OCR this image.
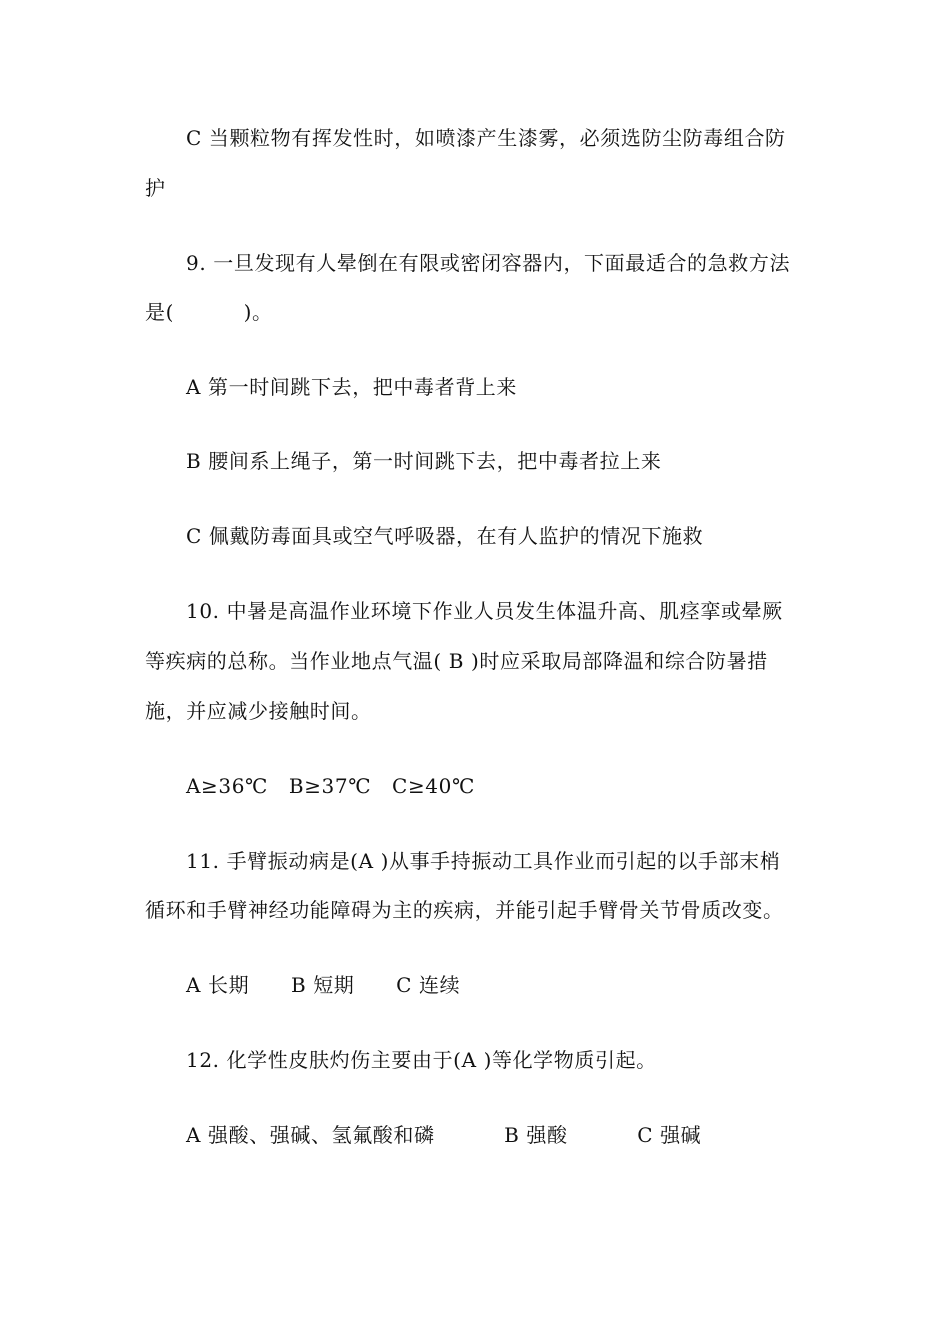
C 当颗粒物有挥发性时，如喷漆产生漆雾，必须选防尘防毒组合防
护
9. 一旦发现有人晕倒在有限或密闭容器内，下面最适合的急救方法
是(          )。
A 第一时间跳下去，把中毒者背上来
B 腰间系上绳子，第一时间跳下去，把中毒者拉上来
C 佩戴防毒面具或空气呼吸器，在有人监护的情况下施救
10. 中暑是高温作业环境下作业人员发生体温升高、肌痉挛或晕厥
等疾病的总称。当作业地点气温( B )时应采取局部降温和综合防暑措
施，并应减少接触时间。
A≥36℃   B≥37℃   C≥40℃
11. 手臂振动病是(A )从事手持振动工具作业而引起的以手部末梢
循环和手臂神经功能障碍为主的疾病，并能引起手臂骨关节骨质改变。
A 长期      B 短期      C 连续
12. 化学性皮肤灼伤主要由于(A )等化学物质引起。
A 强酸、强碱、氢氟酸和磷          B 强酸          C 强碱
